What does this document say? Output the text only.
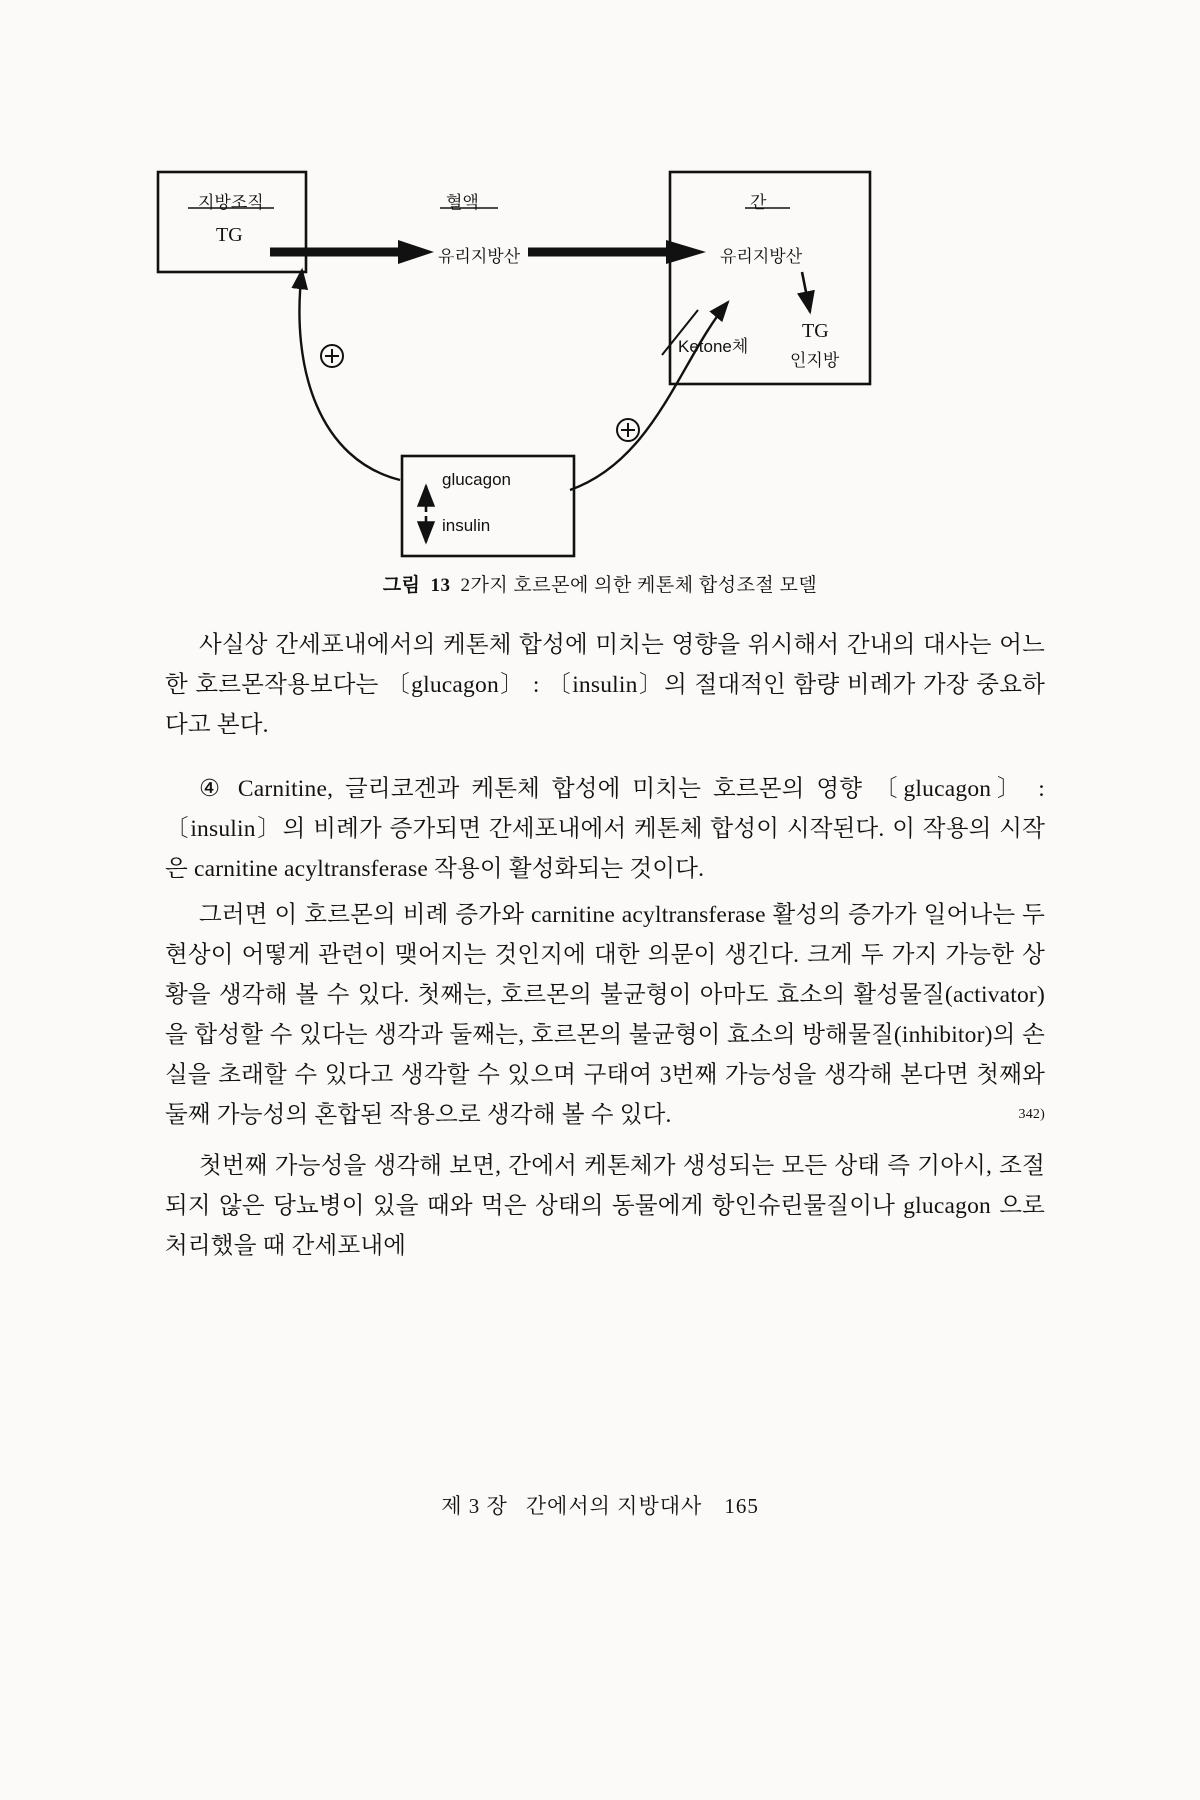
지방조직
TG
혈액
유리지방산
간
유리지방산
Ketone체
TG
인지방
glucagon
insulin
그림 13 2가지 호르몬에 의한 케톤체 합성조절 모델

사실상 간세포내에서의 케톤체 합성에 미치는 영향을 위시해서 간내의 대사는 어느 한 호르몬작용보다는 〔glucagon〕 : 〔insulin〕의 절대적인 함량 비례가 가장 중요하다고 본다.

④ Carnitine, 글리코겐과 케톤체 합성에 미치는 호르몬의 영향 〔glucagon〕 : 〔insulin〕의 비례가 증가되면 간세포내에서 케톤체 합성이 시작된다. 이 작용의 시작은 carnitine acyltransferase 작용이 활성화되는 것이다.

그러면 이 호르몬의 비례 증가와 carnitine acyltransferase 활성의 증가가 일어나는 두 현상이 어떻게 관련이 맺어지는 것인지에 대한 의문이 생긴다. 크게 두 가지 가능한 상황을 생각해 볼 수 있다. 첫째는, 호르몬의 불균형이 아마도 효소의 활성물질(activator)을 합성할 수 있다는 생각과 둘째는, 호르몬의 불균형이 효소의 방해물질(inhibitor)의 손실을 초래할 수 있다고 생각할 수 있으며 구태여 3번째 가능성을 생각해 본다면 첫째와 둘째 가능성의 혼합된 작용으로 생각해 볼 수 있다.	$^{342)}$

첫번째 가능성을 생각해 보면, 간에서 케톤체가 생성되는 모든 상태 즉 기아시, 조절되지 않은 당뇨병이 있을 때와 먹은 상태의 동물에게 항인슈린물질이나 glucagon 으로 처리했을 때 간세포내에

제 3 장 간에서의 지방대사 165
